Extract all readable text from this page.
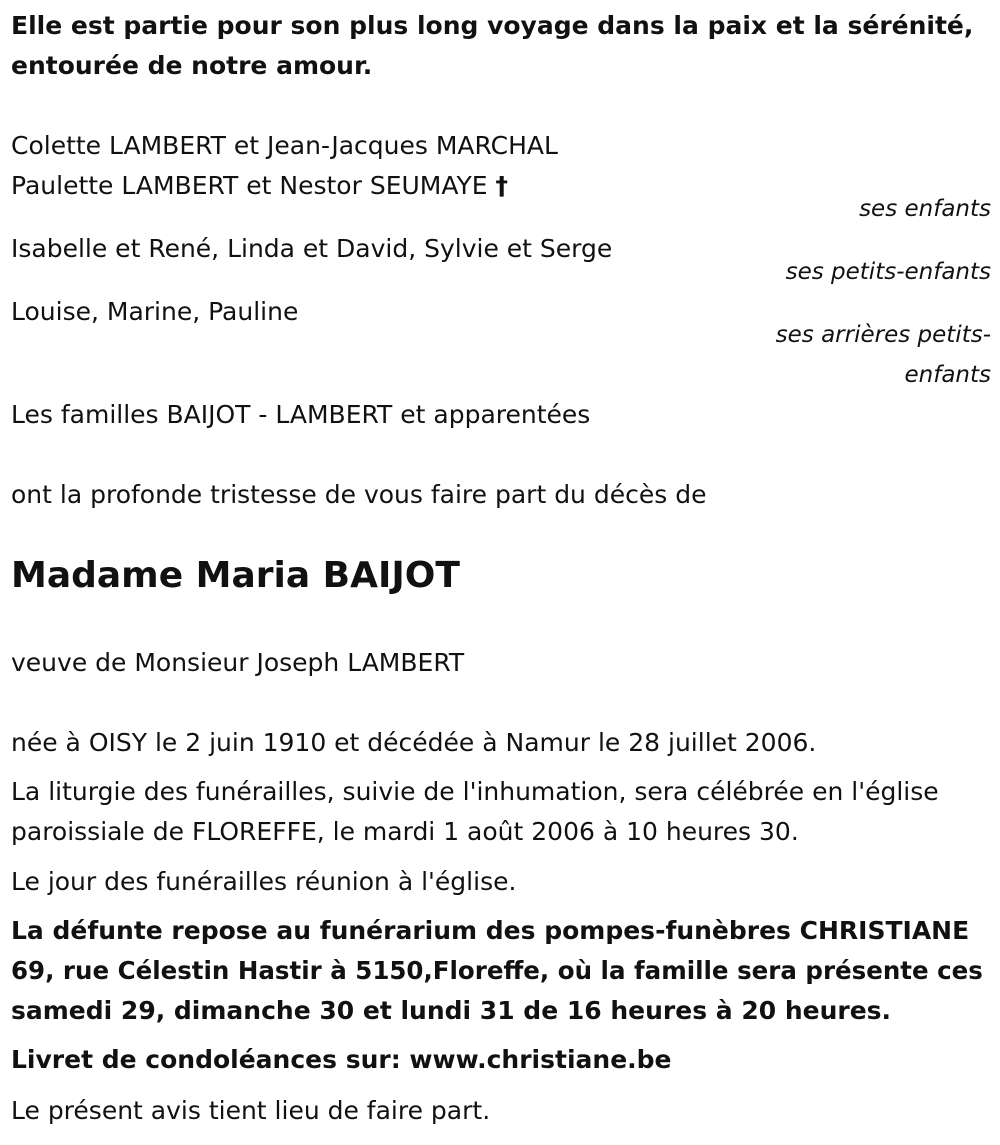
Elle est partie pour son plus long voyage dans la paix et la sérénité,

entourée de notre amour.

Colette LAMBERT et Jean-Jacques MARCHAL

Paulette LAMBERT et Nestor SEUMAYE †

ses enfants

Isabelle et René, Linda et David, Sylvie et Serge

ses petits-enfants

Louise, Marine, Pauline

ses arrières petits-
enfants

Les familles BAIJOT - LAMBERT et apparentées

ont la profonde tristesse de vous faire part du décès de

Madame Maria BAIJOT

veuve de Monsieur Joseph LAMBERT

née à OISY le 2 juin 1910 et décédée à Namur le 28 juillet 2006.

La liturgie des funérailles, suivie de l'inhumation, sera célébrée en l'église

paroissiale de FLOREFFE, le mardi 1 août 2006 à 10 heures 30.

Le jour des funérailles réunion à l'église.

La défunte repose au funérarium des pompes-funèbres CHRISTIANE

69, rue Célestin Hastir à 5150,Floreffe, où la famille sera présente ces

samedi 29, dimanche 30 et lundi 31 de 16 heures à 20 heures.

Livret de condoléances sur: www.christiane.be

Le présent avis tient lieu de faire part.
